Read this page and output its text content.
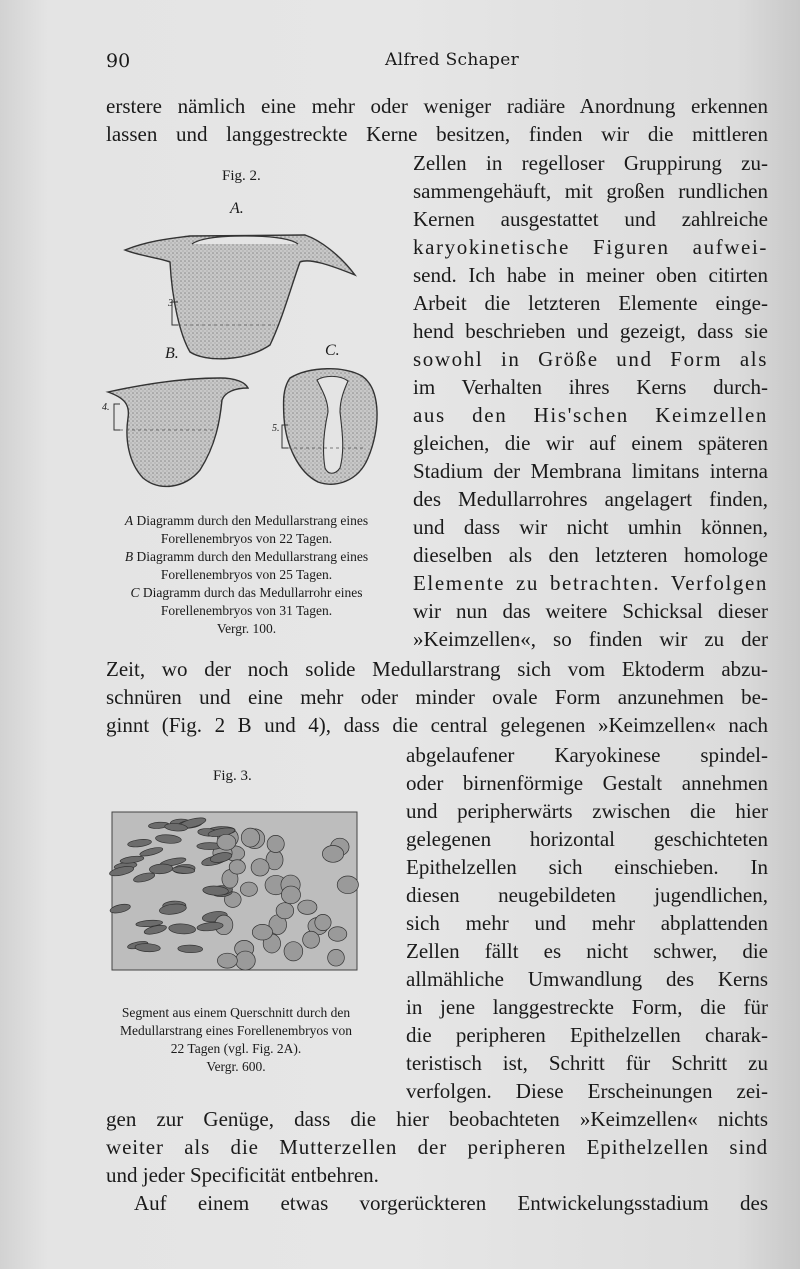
90	Alfred Schaper
erstere nämlich eine mehr oder weniger radiäre Anordnung erkennen
lassen und langgestreckte Kerne besitzen, finden wir die mittleren
Zellen in regelloser Gruppirung zu-
sammengehäuft, mit großen rundlichen
Kernen ausgestattet und zahlreiche
karyokinetische Figuren aufwei-
send. Ich habe in meiner oben citirten
Arbeit die letzteren Elemente einge-
hend beschrieben und gezeigt, dass sie
sowohl in Größe und Form als
im Verhalten ihres Kerns durch-
aus den His'schen Keimzellen
gleichen, die wir auf einem späteren
Stadium der Membrana limitans interna
des Medullarrohres angelagert finden,
und dass wir nicht umhin können,
dieselben als den letzteren homologe
Elemente zu betrachten. Verfolgen
wir nun das weitere Schicksal dieser
»Keimzellen«, so finden wir zu der
Zeit, wo der noch solide Medullarstrang sich vom Ektoderm abzu-
schnüren und eine mehr oder minder ovale Form anzunehmen be-
ginnt (Fig. 2 B und 4), dass die central gelegenen »Keimzellen« nach
abgelaufener Karyokinese spindel-
oder birnenförmige Gestalt annehmen
und peripherwärts zwischen die hier
gelegenen horizontal geschichteten
Epithelzellen sich einschieben. In
diesen neugebildeten jugendlichen,
sich mehr und mehr abplattenden
Zellen fällt es nicht schwer, die
allmähliche Umwandlung des Kerns
in jene langgestreckte Form, die für
die peripheren Epithelzellen charak-
teristisch ist, Schritt für Schritt zu
verfolgen. Diese Erscheinungen zei-
gen zur Genüge, dass die hier beobachteten »Keimzellen« nichts
weiter als die Mutterzellen der peripheren Epithelzellen sind
und jeder Specificität entbehren.
Auf einem etwas vorgerückteren Entwickelungsstadium des
Fig. 2.
A.
B.	C.
3
4.
5.
A Diagramm durch den Medullarstrang eines
Forellenembryos von 22 Tagen.
B Diagramm durch den Medullarstrang eines
Forellenembryos von 25 Tagen.
C Diagramm durch das Medullarrohr eines
Forellenembryos von 31 Tagen.
Vergr. 100.
Fig. 3.
Segment aus einem Querschnitt durch den
Medullarstrang eines Forellenembryos von
22 Tagen (vgl. Fig. 2A).
Vergr. 600.
